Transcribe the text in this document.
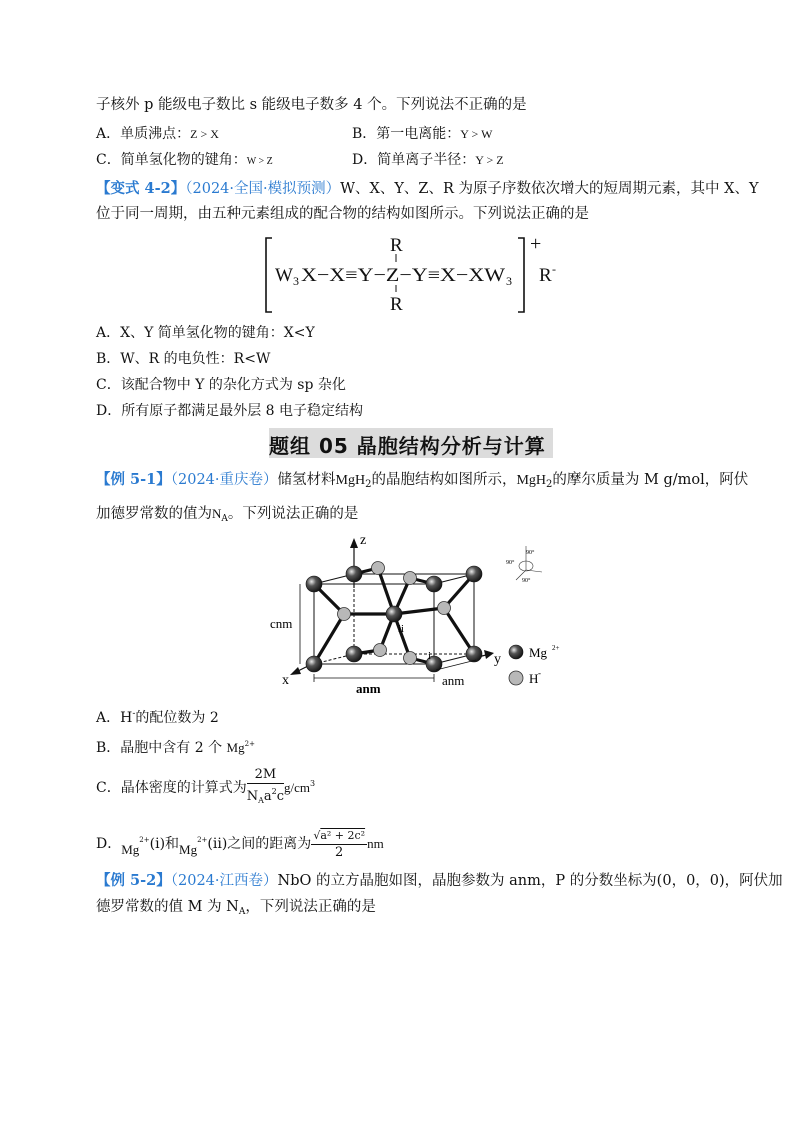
子核外 p 能级电子数比 s 能级电子数多 4 个。下列说法不正确的是
A．单质沸点：Z > X	B．第一电离能：Y > W
C．简单氢化物的键角：W > Z	D．简单离子半径：Y > Z
【变式 4-2】（2024·全国·模拟预测）W、X、Y、Z、R 为原子序数依次增大的短周期元素，其中 X、Y
位于同一周期，由五种元素组成的配合物的结构如图所示。下列说法正确的是
W 3 X−X≡Y−Z−Y≡X−XW 3
R
R
+
R -
A．X、Y 简单氢化物的键角：X<Y
B．W、R 的电负性：R<W
C．该配合物中 Y 的杂化方式为 sp 杂化
D．所有原子都满足最外层 8 电子稳定结构
题组 05 晶胞结构分析与计算
【例 5-1】（2024·重庆卷）储氢材料MgH$_2$的晶胞结构如图所示，MgH$_2$的摩尔质量为 M g/mol，阿伏
加德罗常数的值为$N_A$。下列说法正确的是
z
y
x
ii
i
cnm
anm
anm
90°
90°
90°
Mg 2+
H -
A．H-的配位数为 2
B．晶胞中含有 2 个 $Mg^{2+}$
C．晶体密度的计算式为 $\frac{2M}{N_Aa^2c} g/cm^3$
D．$Mg^{2+}(i)$和$Mg^{2+}(ii)$之间的距离为 $\frac{\text{√a² + 2c²}}{2}$ nm
【例 5-2】（2024·江西卷）NbO 的立方晶胞如图，晶胞参数为 anm，P 的分数坐标为(0，0，0)，阿伏加
德罗常数的值 M 为 $N_A$，下列说法正确的是
